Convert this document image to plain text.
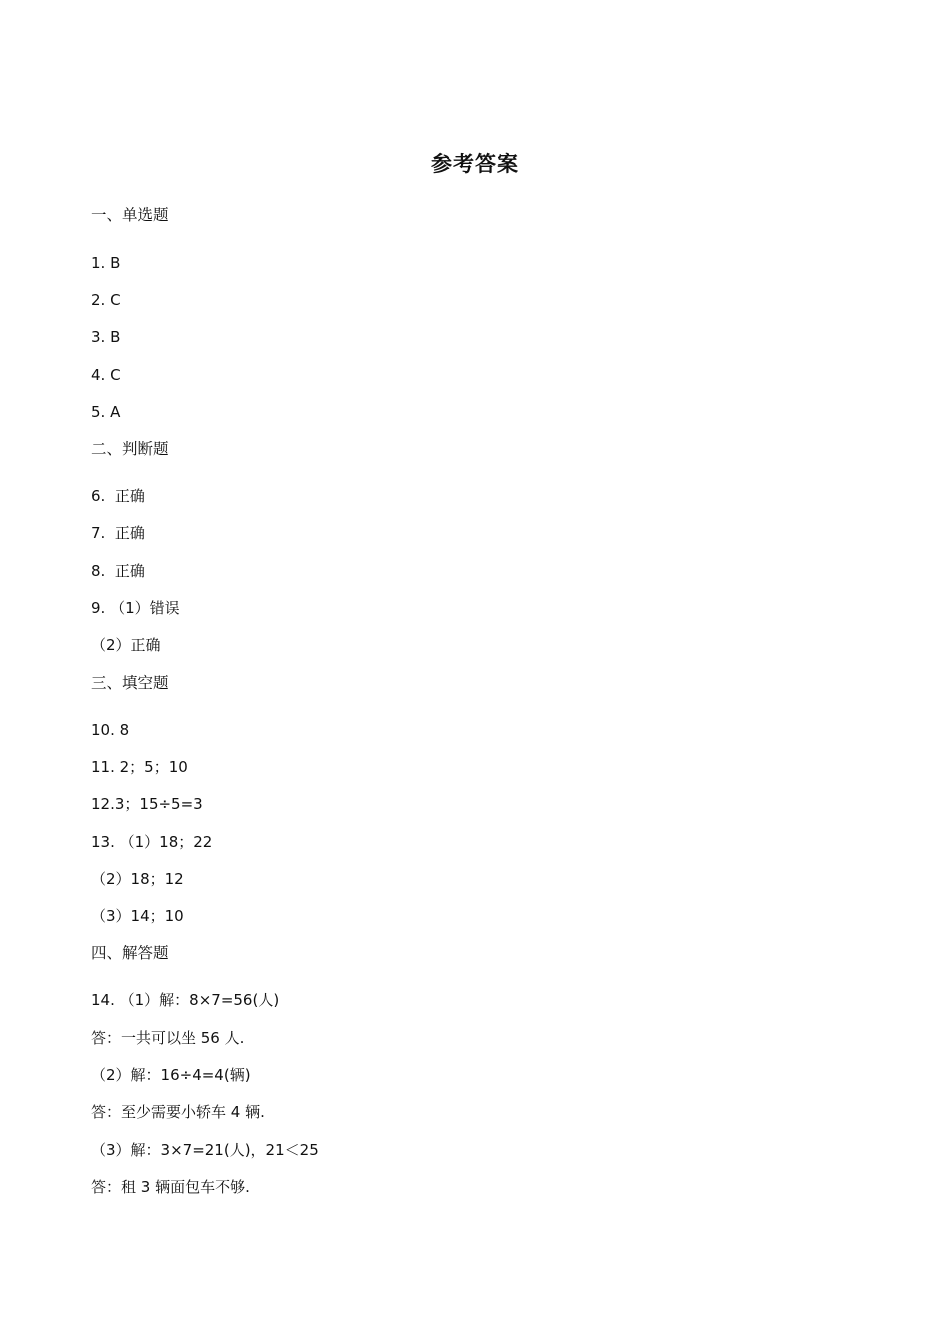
参考答案
一、单选题
1. B
2. C
3. B
4. C
5. A
二、判断题
6.  正确
7.  正确
8.  正确
9. （1）错误
（2）正确
三、填空题
10. 8
11. 2；5；10
12.3；15÷5=3
13. （1）18；22
（2）18；12
（3）14；10
四、解答题
14. （1）解：8×7=56(人)
答：一共可以坐 56 人.
（2）解：16÷4=4(辆)
答：至少需要小轿车 4 辆.
（3）解：3×7=21(人)，21＜25
答：租 3 辆面包车不够.
